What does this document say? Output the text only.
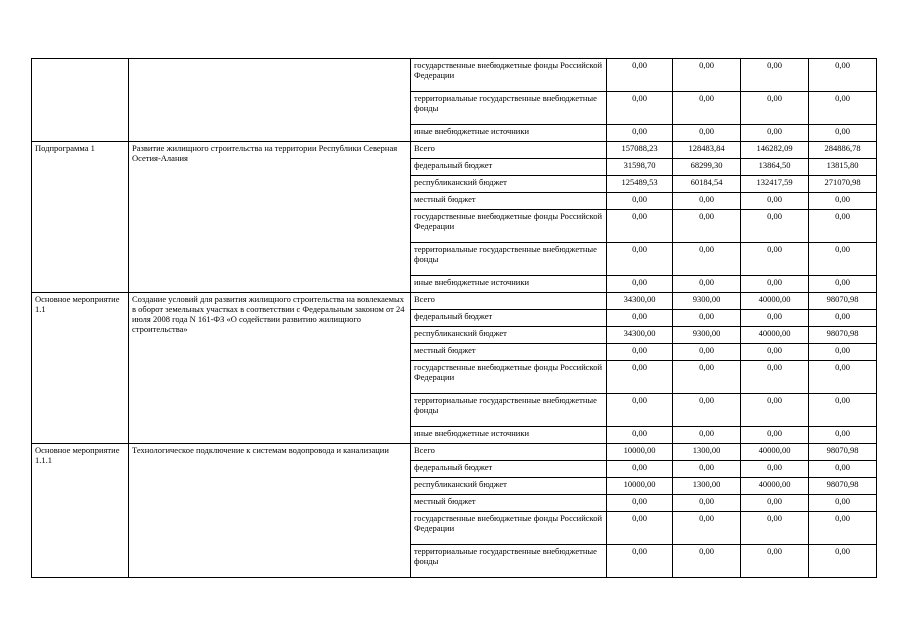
		государственные внебюджетные фонды Российской Федерации	0,00	0,00	0,00	0,00
		территориальные государственные внебюджетные фонды	0,00	0,00	0,00	0,00
		иные внебюджетные источники	0,00	0,00	0,00	0,00
Подпрограмма 1	Развитие жилищного строительства на территории Республики Северная Осетия-Алания	Всего	157088,23	128483,84	146282,09	284886,78
		федеральный бюджет	31598,70	68299,30	13864,50	13815,80
		республиканский бюджет	125489,53	60184,54	132417,59	271070,98
		местный бюджет	0,00	0,00	0,00	0,00
		государственные внебюджетные фонды Российской Федерации	0,00	0,00	0,00	0,00
		территориальные государственные внебюджетные фонды	0,00	0,00	0,00	0,00
		иные внебюджетные источники	0,00	0,00	0,00	0,00
Основное мероприятие 1.1	Создание условий для развития жилищного строительства на вовлекаемых в оборот земельных участках в соответствии с Федеральным законом от 24 июля 2008 года N 161-ФЗ «О содействии развитию жилищного строительства»	Всего	34300,00	9300,00	40000,00	98070,98
		федеральный бюджет	0,00	0,00	0,00	0,00
		республиканский бюджет	34300,00	9300,00	40000,00	98070,98
		местный бюджет	0,00	0,00	0,00	0,00
		государственные внебюджетные фонды Российской Федерации	0,00	0,00	0,00	0,00
		территориальные государственные внебюджетные фонды	0,00	0,00	0,00	0,00
		иные внебюджетные источники	0,00	0,00	0,00	0,00
Основное мероприятие 1.1.1	Технологическое подключение к системам водопровода и канализации	Всего	10000,00	1300,00	40000,00	98070,98
		федеральный бюджет	0,00	0,00	0,00	0,00
		республиканский бюджет	10000,00	1300,00	40000,00	98070,98
		местный бюджет	0,00	0,00	0,00	0,00
		государственные внебюджетные фонды Российской Федерации	0,00	0,00	0,00	0,00
		территориальные государственные внебюджетные фонды	0,00	0,00	0,00	0,00
